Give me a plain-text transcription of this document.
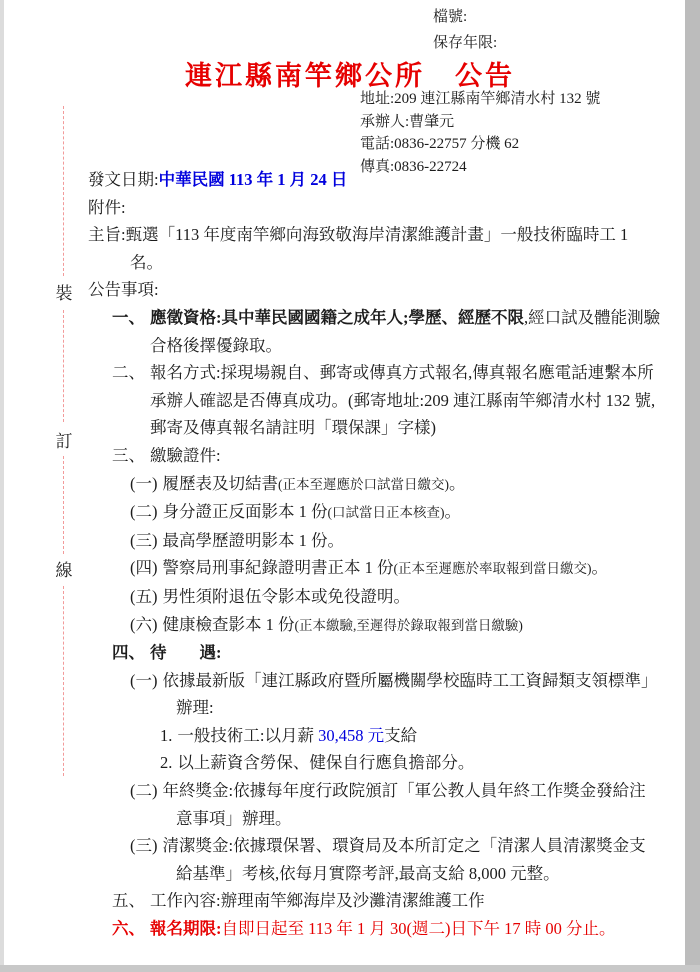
裝
訂
線
檔號:
保存年限:
連江縣南竿鄉公所　公告
地址:209 連江縣南竿鄉清水村 132 號
承辦人:曹肇元
電話:0836-22757 分機 62
傳真:0836-22724

發文日期:中華民國 113 年 1 月 24 日

附件:

主旨:甄選「113 年度南竿鄉向海致敬海岸清潔維護計畫」一般技術臨時工 1 名。

公告事項:

一、 應徵資格:具中華民國國籍之成年人;學歷、經歷不限,經口試及體能測驗合格後擇優錄取。

二、 報名方式:採現場親自、郵寄或傳真方式報名,傳真報名應電話連繫本所承辦人確認是否傳真成功。(郵寄地址:209 連江縣南竿鄉清水村 132 號,郵寄及傳真報名請註明「環保課」字樣)

三、 繳驗證件:

(一) 履歷表及切結書(正本至遲應於口試當日繳交)。

(二) 身分證正反面影本 1 份(口試當日正本核查)。

(三) 最高學歷證明影本 1 份。

(四) 警察局刑事紀錄證明書正本 1 份(正本至遲應於率取報到當日繳交)。

(五) 男性須附退伍令影本或免役證明。

(六) 健康檢查影本 1 份(正本繳驗,至遲得於錄取報到當日繳驗)

四、 待　　遇:

(一) 依據最新版「連江縣政府暨所屬機關學校臨時工工資歸類支領標準」辦理:

1. 一般技術工:以月薪 30,458 元支給

2. 以上薪資含勞保、健保自行應負擔部分。

(二) 年終獎金:依據每年度行政院頒訂「軍公教人員年終工作獎金發給注意事項」辦理。

(三) 清潔獎金:依據環保署、環資局及本所訂定之「清潔人員清潔獎金支給基準」考核,依每月實際考評,最高支給 8,000 元整。

五、 工作內容:辦理南竿鄉海岸及沙灘清潔維護工作

六、 報名期限:自即日起至 113 年 1 月 30(週二)日下午 17 時 00 分止。
